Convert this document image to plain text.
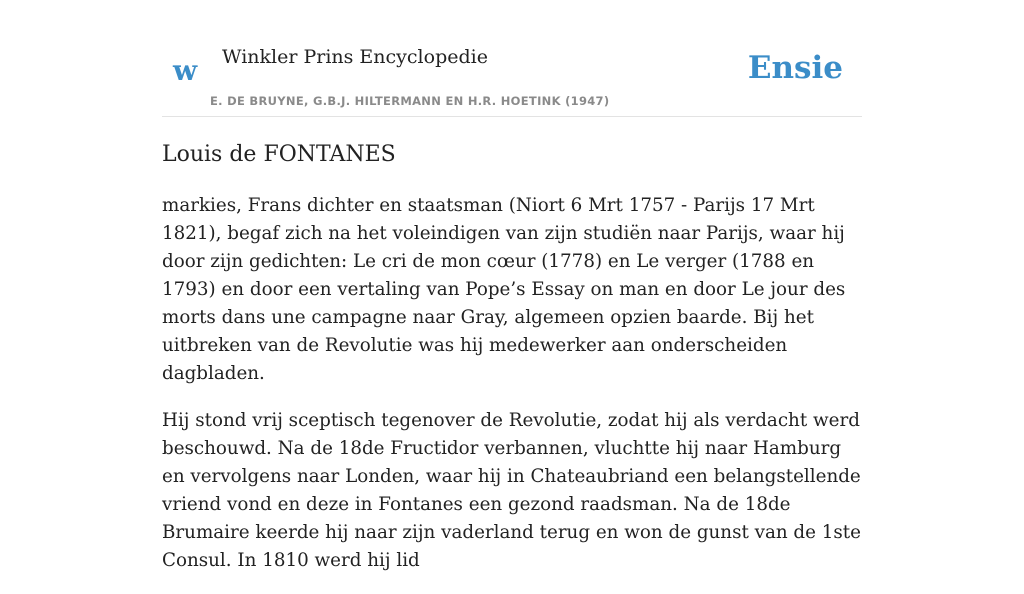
w Winkler Prins Encyclopedie
E. DE BRUYNE, G.B.J. HILTERMANN EN H.R. HOETINK (1947)
Ensie
Louis de FONTANES

markies, Frans dichter en staatsman (Niort 6 Mrt 1757 - Parijs 17 Mrt 1821), begaf zich na het voleindigen van zijn studiën naar Parijs, waar hij door zijn gedichten: Le cri de mon cœur (1778) en Le verger (1788 en 1793) en door een vertaling van Pope’s Essay on man en door Le jour des morts dans une campagne naar Gray, algemeen opzien baarde. Bij het uitbreken van de Revolutie was hij medewerker aan onderscheiden dagbladen.

Hij stond vrij sceptisch tegenover de Revolutie, zodat hij als verdacht werd beschouwd. Na de 18de Fructidor verbannen, vluchtte hij naar Hamburg en vervolgens naar Londen, waar hij in Chateaubriand een belangstellende vriend vond en deze in Fontanes een gezond raadsman. Na de 18de Brumaire keerde hij naar zijn vaderland terug en won de gunst van de 1ste Consul. In 1810 werd hij lid
